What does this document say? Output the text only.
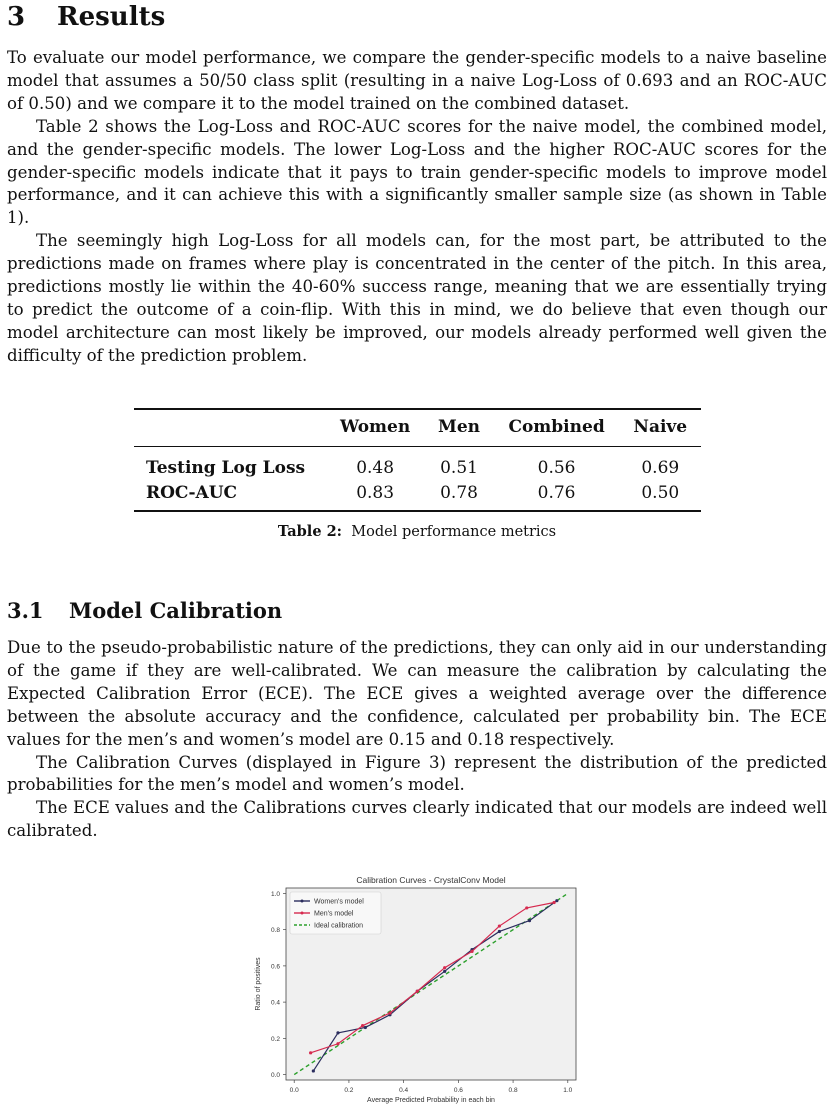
3 Results

To evaluate our model performance, we compare the gender-specific models to a naive baseline model that assumes a 50/50 class split (resulting in a naive Log-Loss of 0.693 and an ROC-AUC of 0.50) and we compare it to the model trained on the combined dataset.

Table 2 shows the Log-Loss and ROC-AUC scores for the naive model, the combined model, and the gender-specific models. The lower Log-Loss and the higher ROC-AUC scores for the gender-specific models indicate that it pays to train gender-specific models to improve model performance, and it can achieve this with a significantly smaller sample size (as shown in Table 1).

The seemingly high Log-Loss for all models can, for the most part, be attributed to the predictions made on frames where play is concentrated in the center of the pitch. In this area, predictions mostly lie within the 40-60% success range, meaning that we are essentially trying to predict the outcome of a coin-flip. With this in mind, we do believe that even though our model architecture can most likely be improved, our models already performed well given the difficulty of the prediction problem.

	Women	Men	Combined	Naive
Testing Log Loss	0.48	0.51	0.56	0.69
ROC-AUC	0.83	0.78	0.76	0.50
Table 2: Model performance metrics
3.1 Model Calibration

Due to the pseudo-probabilistic nature of the predictions, they can only aid in our understanding of the game if they are well-calibrated. We can measure the calibration by calculating the Expected Calibration Error (ECE). The ECE gives a weighted average over the difference between the absolute accuracy and the confidence, calculated per probability bin. The ECE values for the men’s and women’s model are 0.15 and 0.18 respectively.

The Calibration Curves (displayed in Figure 3) represent the distribution of the predicted probabilities for the men’s model and women’s model.

The ECE values and the Calibrations curves clearly indicated that our models are indeed well calibrated.

Calibration Curves - CrystalConv Model
0.0
0.2
0.4
0.6
0.8
1.0
0.0	0.2	0.4	0.6	0.8	1.0
Women's model
Men's model
Ideal calibration
Average Predicted Probability in each bin
Ratio of positives
